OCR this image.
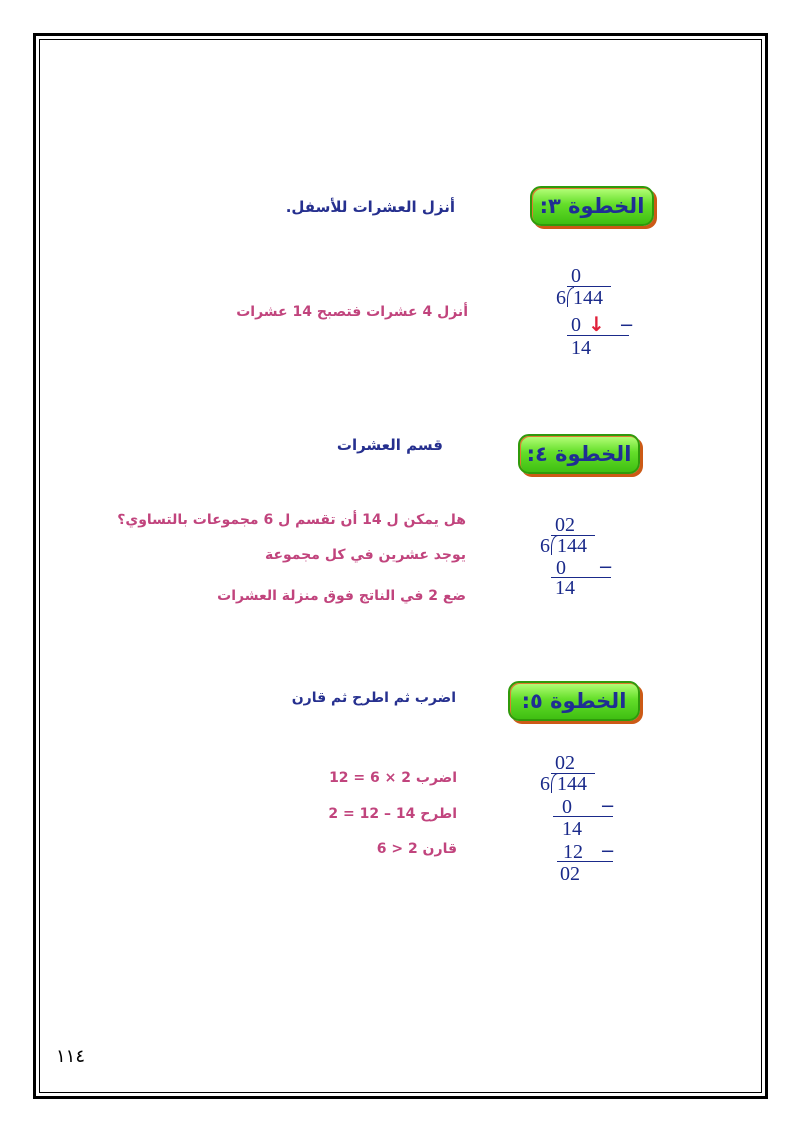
الخطوة ٣:
أنزل العشرات للأسفل.
أنزل 4 عشرات فتصبح 14 عشرات
0
6 144
0 ↓ −
14
الخطوة ٤:
قسم العشرات
هل يمكن ل 14 أن تقسم ل 6 مجموعات بالتساوي؟
يوجد عشرين في كل مجموعة
ضع 2 في الناتج فوق منزلة العشرات
02
6 144
0 −
14
الخطوة ٥:
اضرب ثم اطرح ثم قارن
اضرب 2 × 6 = 12
اطرح 14 – 12 = 2
قارن 2 < 6
02
6 144
0 −
14
12 −
02
١١٤
